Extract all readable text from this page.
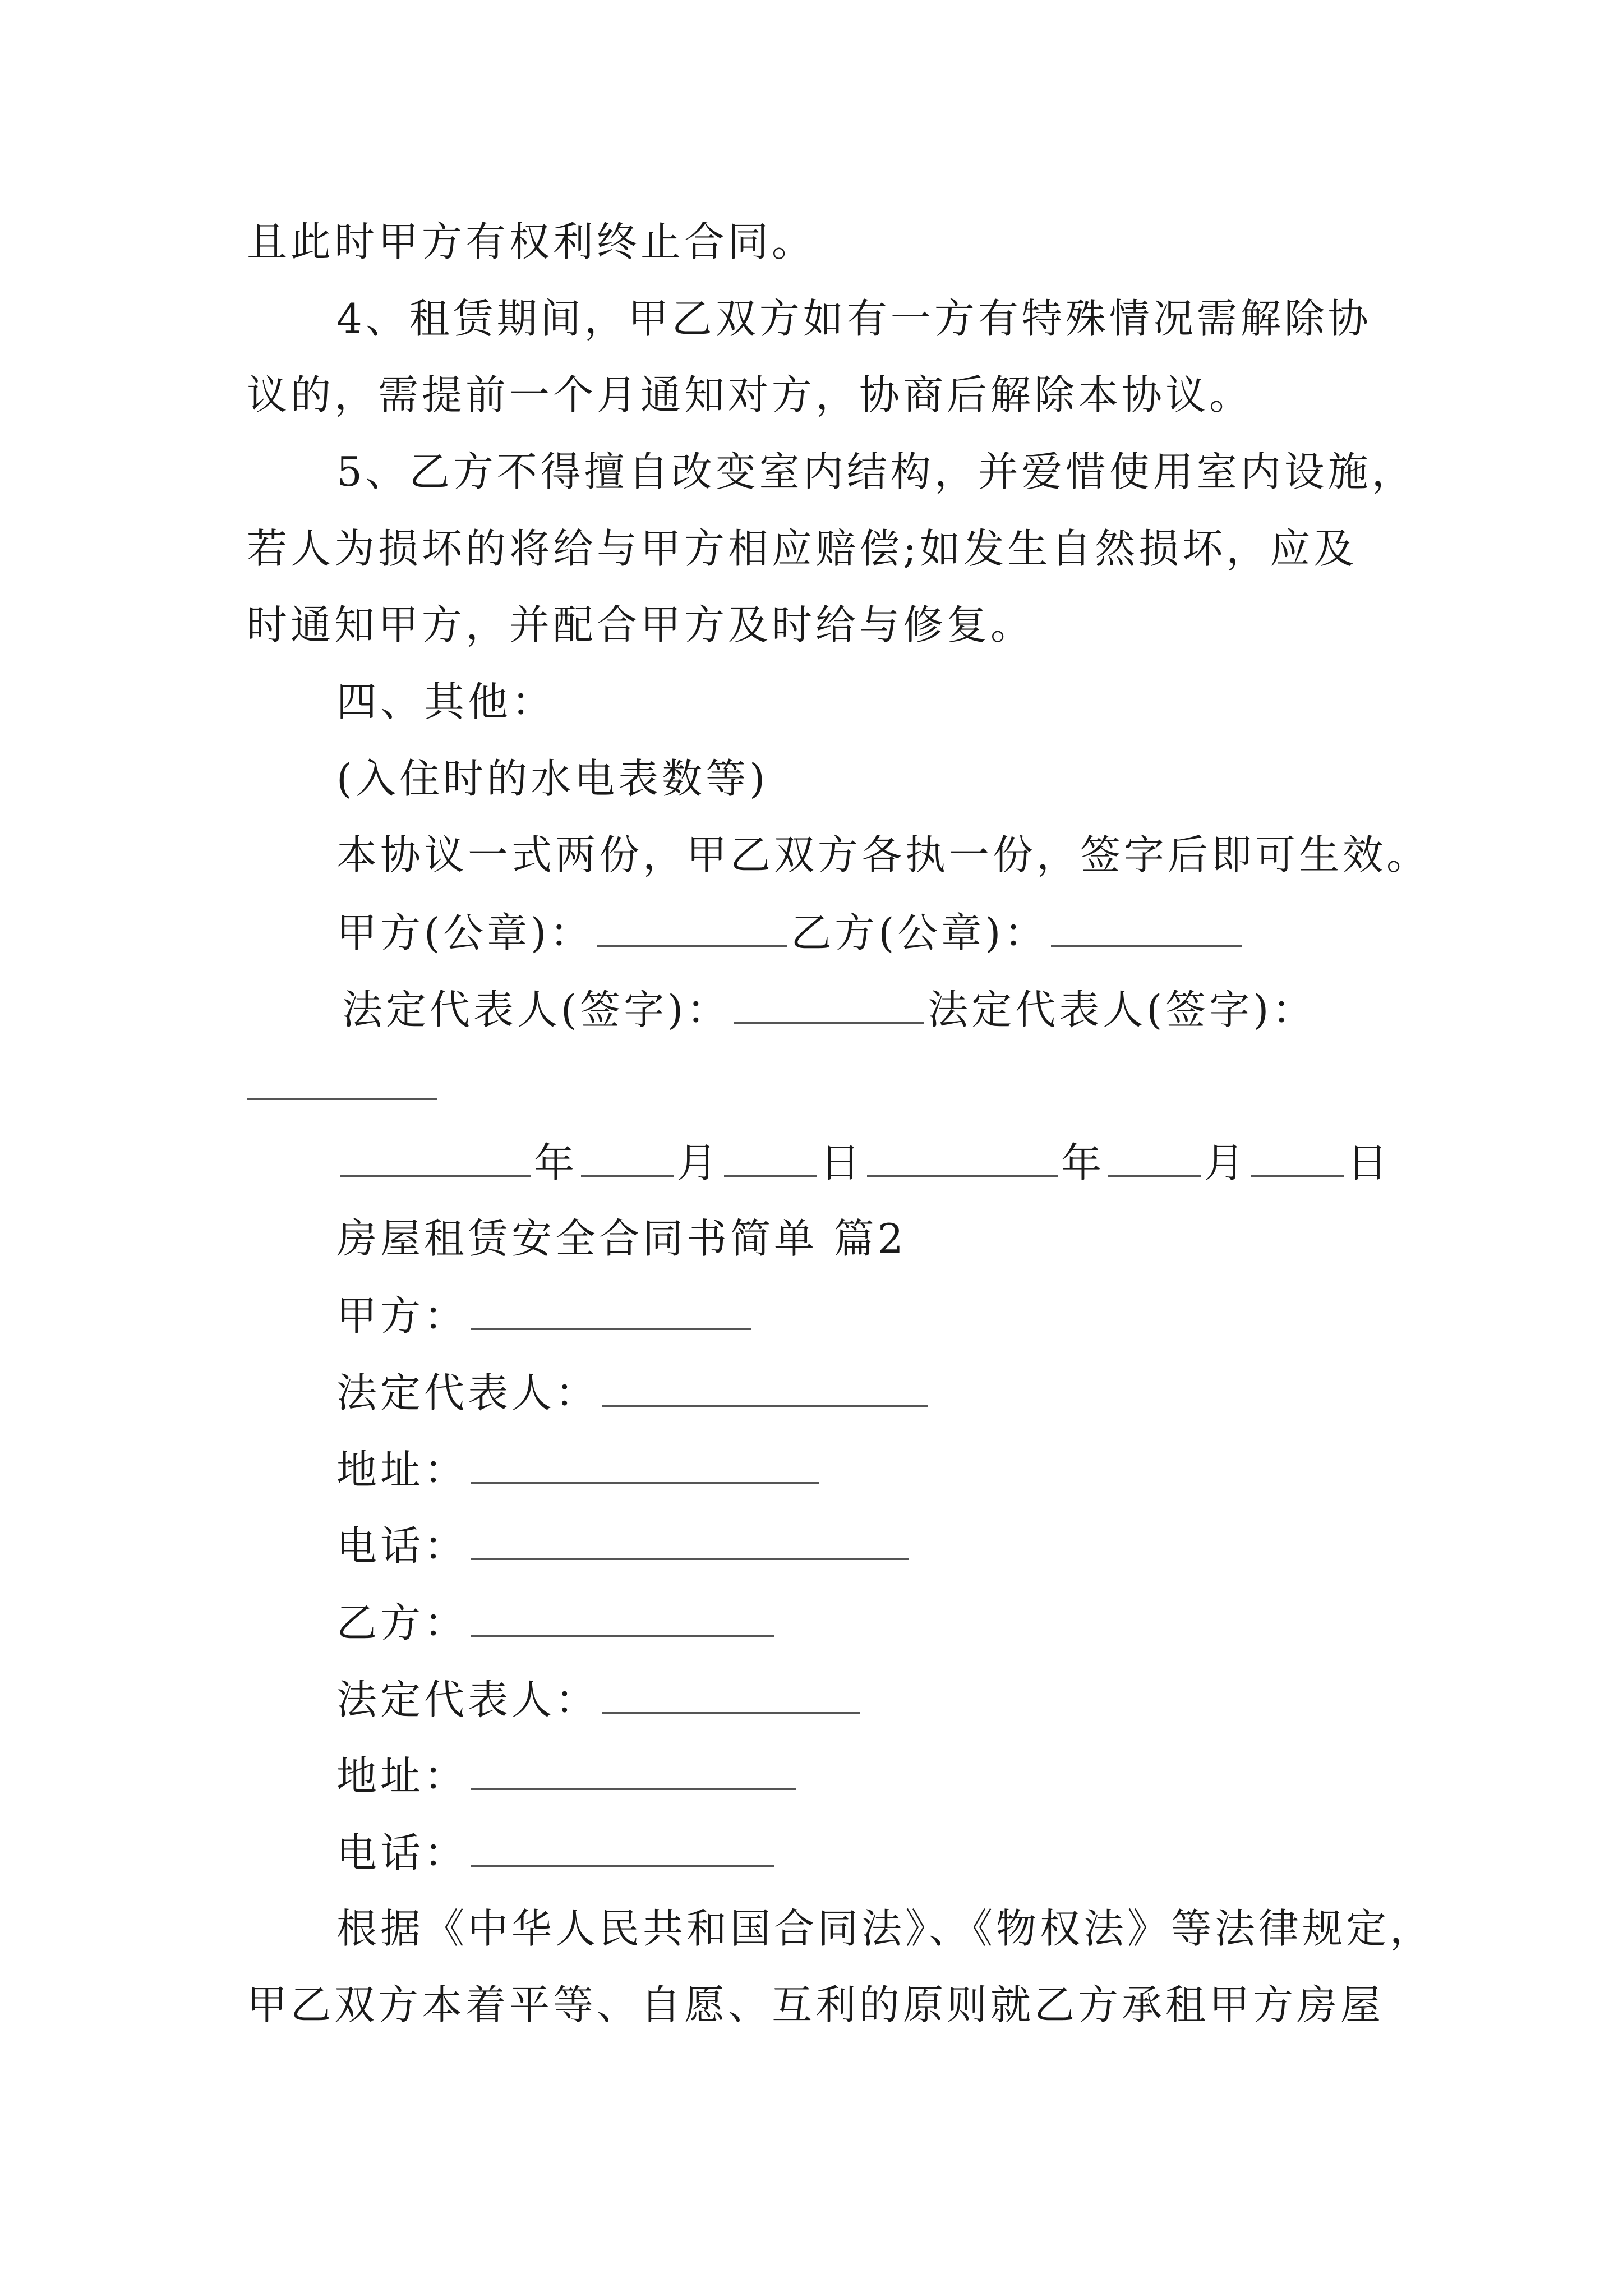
且此时甲方有权利终止合同。
4、租赁期间，甲乙双方如有一方有特殊情况需解除协
议的，需提前一个月通知对方，协商后解除本协议。
5、乙方不得擅自改变室内结构，并爱惜使用室内设施，
若人为损坏的将给与甲方相应赔偿;如发生自然损坏，应及
时通知甲方，并配合甲方及时给与修复。
四、其他：
(入住时的水电表数等)
本协议一式两份，甲乙双方各执一份，签字后即可生效。
甲方(公章)：	乙方(公章)：
法定代表人(签字)：	法定代表人(签字)：
年 月 日	年 月 日
房屋租赁安全合同书简单 篇2
甲方：
法定代表人：
地址：
电话：
乙方：
法定代表人：
地址：
电话：
根据《中华人民共和国合同法》、《物权法》等法律规定，
甲乙双方本着平等、自愿、互利的原则就乙方承租甲方房屋
